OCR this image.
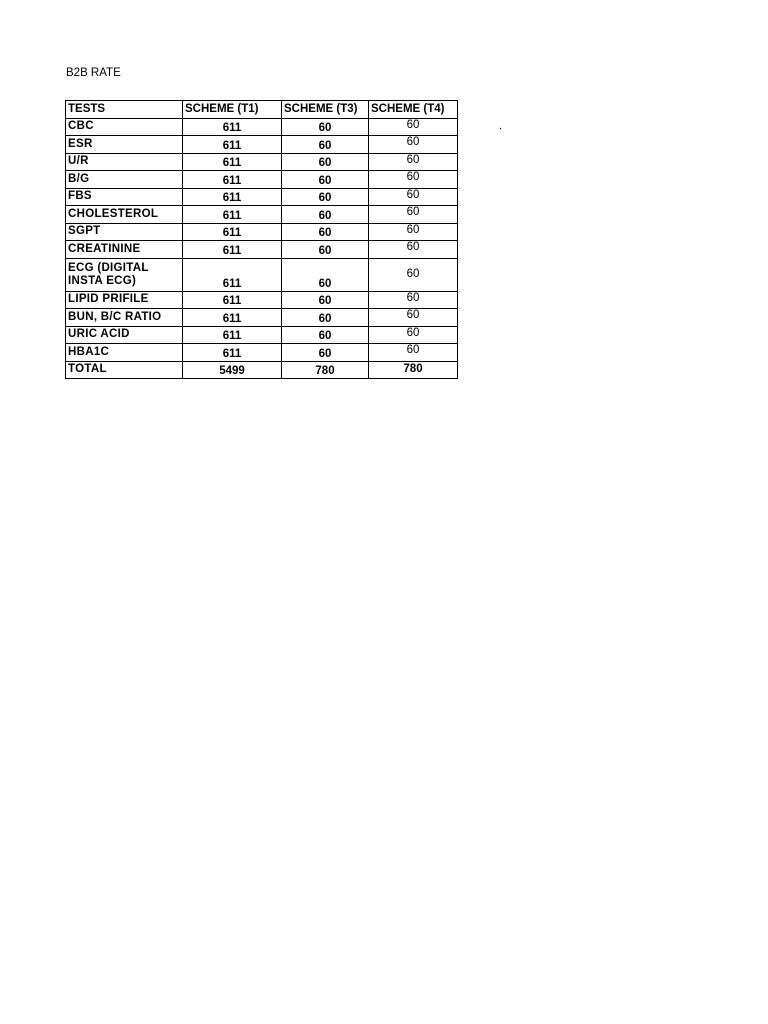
B2B RATE
.
TESTS	SCHEME (T1)	SCHEME (T3)	SCHEME (T4)
CBC	611	60	60
ESR	611	60	60
U/R	611	60	60
B/G	611	60	60
FBS	611	60	60
CHOLESTEROL	611	60	60
SGPT	611	60	60
CREATININE	611	60	60
ECG (DIGITAL INSTA ECG)	611	60	60
LIPID PRIFILE	611	60	60
BUN, B/C RATIO	611	60	60
URIC ACID	611	60	60
HBA1C	611	60	60
TOTAL	5499	780	780
